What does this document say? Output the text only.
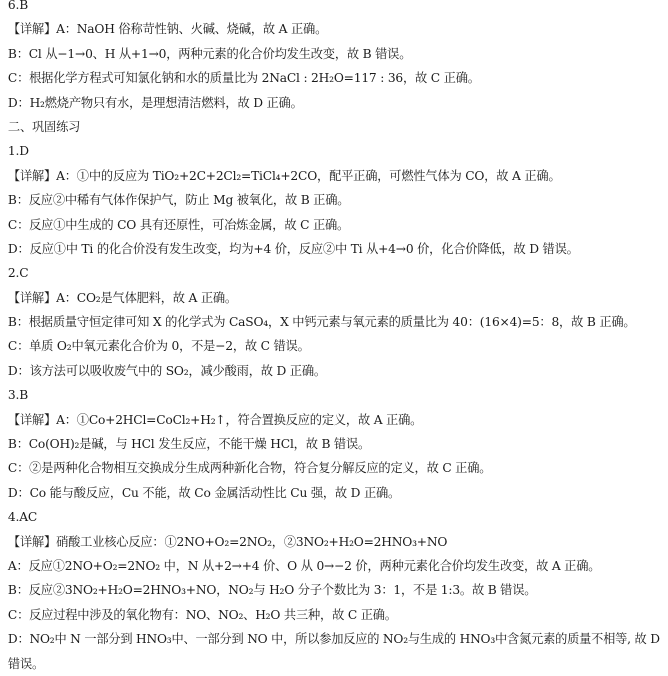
6.B
【详解】A：NaOH 俗称苛性钠、火碱、烧碱，故 A 正确。
B：Cl 从−1→0、H 从+1→0，两种元素的化合价均发生改变，故 B 错误。
C：根据化学方程式可知氯化钠和水的质量比为 2NaCl : 2H₂O=117 : 36，故 C 正确。
D：H₂燃烧产物只有水，是理想清洁燃料，故 D 正确。
二、巩固练习
1.D
【详解】A：①中的反应为 TiO₂+2C+2Cl₂=TiCl₄+2CO，配平正确，可燃性气体为 CO，故 A 正确。
B：反应②中稀有气体作保护气，防止 Mg 被氧化，故 B 正确。
C：反应①中生成的 CO 具有还原性，可冶炼金属，故 C 正确。
D：反应①中 Ti 的化合价没有发生改变，均为+4 价，反应②中 Ti 从+4→0 价，化合价降低，故 D 错误。
2.C
【详解】A：CO₂是气体肥料，故 A 正确。
B：根据质量守恒定律可知 X 的化学式为 CaSO₄，X 中钙元素与氧元素的质量比为 40：(16×4)=5：8，故 B 正确。
C：单质 O₂中氧元素化合价为 0，不是−2，故 C 错误。
D：该方法可以吸收废气中的 SO₂，减少酸雨，故 D 正确。
3.B
【详解】A：①Co+2HCl=CoCl₂+H₂↑，符合置换反应的定义，故 A 正确。
B：Co(OH)₂是碱，与 HCl 发生反应，不能干燥 HCl，故 B 错误。
C：②是两种化合物相互交换成分生成两种新化合物，符合复分解反应的定义，故 C 正确。
D：Co 能与酸反应，Cu 不能，故 Co 金属活动性比 Cu 强，故 D 正确。
4.AC
【详解】硝酸工业核心反应：①2NO+O₂=2NO₂，②3NO₂+H₂O=2HNO₃+NO
A：反应①2NO+O₂=2NO₂ 中，N 从+2→+4 价、O 从 0→−2 价，两种元素化合价均发生改变，故 A 正确。
B：反应②3NO₂+H₂O=2HNO₃+NO，NO₂与 H₂O 分子个数比为 3：1，不是 1:3。故 B 错误。
C：反应过程中涉及的氧化物有：NO、NO₂、H₂O 共三种，故 C 正确。
D：NO₂中 N 一部分到 HNO₃中、一部分到 NO 中，所以参加反应的 NO₂与生成的 HNO₃中含氮元素的质量不相等, 故 D
错误。
